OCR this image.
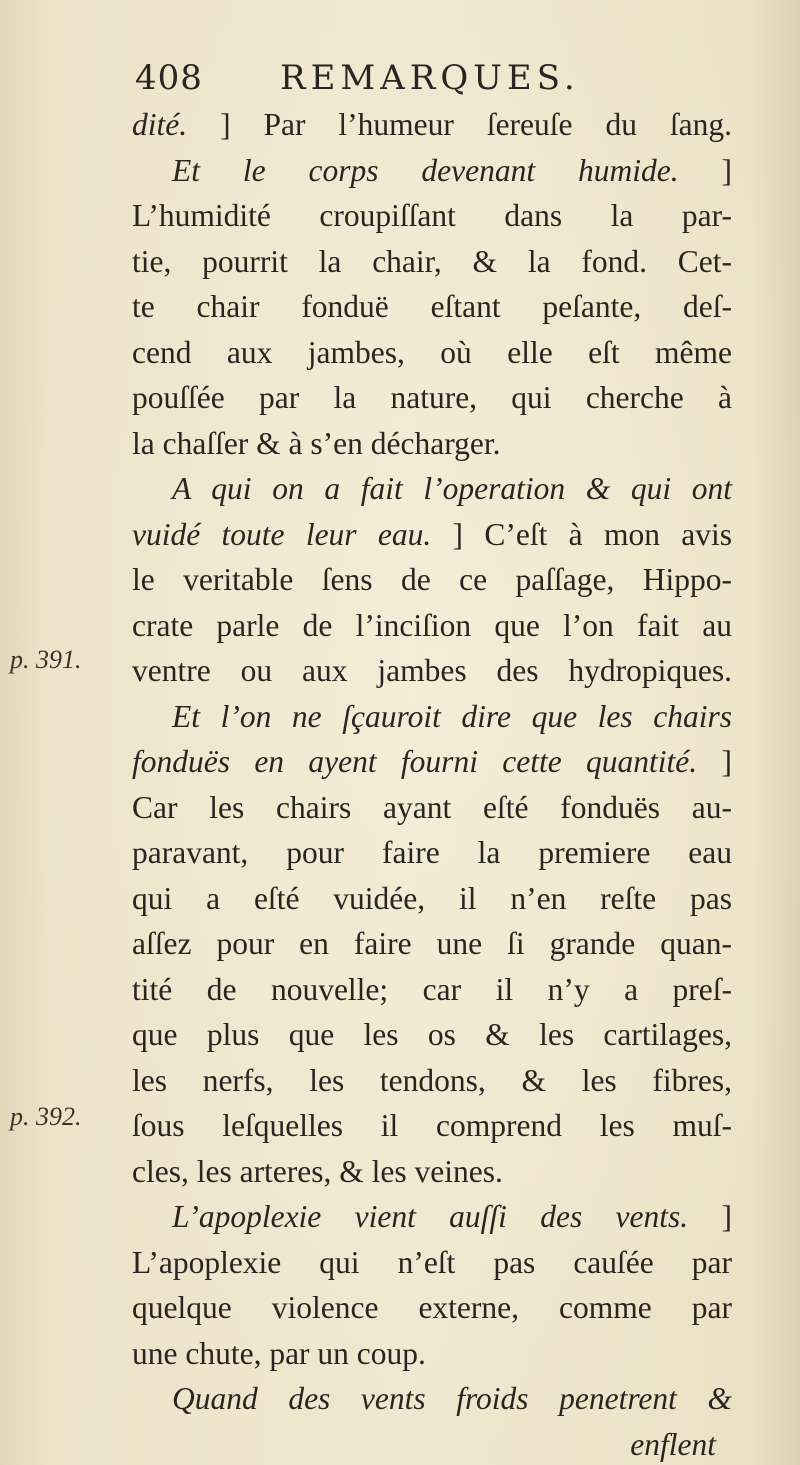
408 REMARQUES.
p. 391.
p. 392.
dité. ] Par l’humeur ſereuſe du ſang.
Et le corps devenant humide. ]
L’humidité croupiſſant dans la par-
tie, pourrit la chair, & la fond. Cet-
te chair fonduë eſtant peſante, deſ-
cend aux jambes, où elle eſt même
pouſſée par la nature, qui cherche à
la chaſſer & à s’en décharger.
A qui on a fait l’operation & qui ont
vuidé toute leur eau. ] C’eſt à mon avis
le veritable ſens de ce paſſage, Hippo-
crate parle de l’inciſion que l’on fait au
ventre ou aux jambes des hydropiques.
Et l’on ne ſçauroit dire que les chairs
fonduës en ayent fourni cette quantité. ]
Car les chairs ayant eſté fonduës au-
paravant, pour faire la premiere eau
qui a eſté vuidée, il n’en reſte pas
aſſez pour en faire une ſi grande quan-
tité de nouvelle; car il n’y a preſ-
que plus que les os & les cartilages,
les nerfs, les tendons, & les fibres,
ſous leſquelles il comprend les muſ-
cles, les arteres, & les veines.
L’apoplexie vient auſſi des vents. ]
L’apoplexie qui n’eſt pas cauſée par
quelque violence externe, comme par
une chute, par un coup.
Quand des vents froids penetrent &
enflent
